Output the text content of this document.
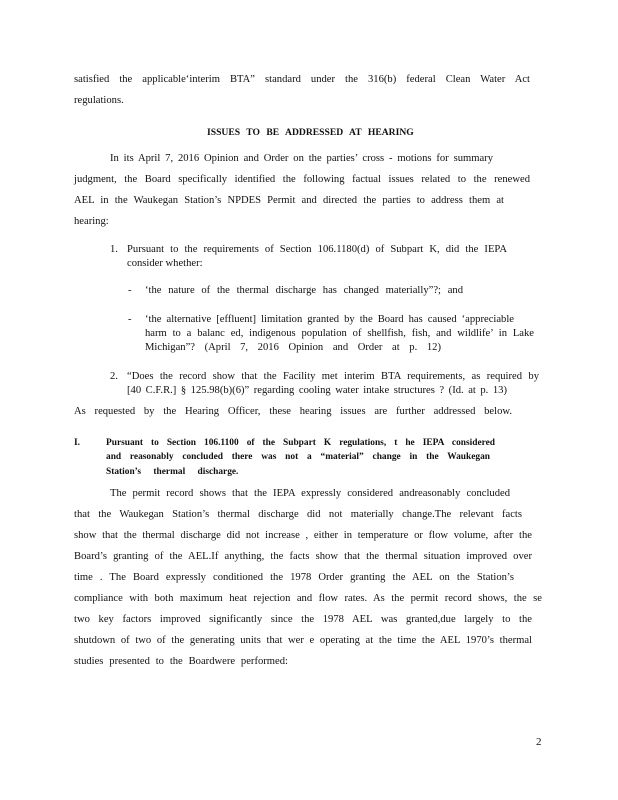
satisfied the applicable‘interim BTA” standard under the 316(b) federal Clean Water Act

regulations.

ISSUES TO BE ADDRESSED AT HEARING

In its April 7, 2016 Opinion and Order on the parties’ cross - motions for summary

judgment, the Board specifically identified the following factual issues related to the renewed

AEL in the Waukegan Station’s NPDES Permit and directed the parties to address them at

hearing:

1. Pursuant to the requirements of Section 106.1180(d) of Subpart K, did the IEPA

consider whether:

- ‘the nature of the thermal discharge has changed materially”?; and

- ‘the alternative [effluent] limitation granted by the Board has caused ‘appreciable

harm to a balanc ed, indigenous population of shellfish, fish, and wildlife’ in Lake

Michigan”? (April 7, 2016 Opinion and Order at p. 12)

2. “Does the record show that the Facility met interim BTA requirements, as required by

[40 C.F.R.] § 125.98(b)(6)” regarding cooling water intake structures ? (Id. at p. 13)

As requested by the Hearing Officer, these hearing issues are further addressed below.

I.	Pursuant to Section 106.1100 of the Subpart K regulations, t he IEPA considered

and reasonably concluded there was not a “material” change in the Waukegan

Station’s thermal discharge.

The permit record shows that the IEPA expressly considered andreasonably concluded

that the Waukegan Station’s thermal discharge did not materially change.The relevant facts

show that the thermal discharge did not increase , either in temperature or flow volume, after the

Board’s granting of the AEL.If anything, the facts show that the thermal situation improved over

time . The Board expressly conditioned the 1978 Order granting the AEL on the Station’s

compliance with both maximum heat rejection and flow rates. As the permit record shows, the se

two key factors improved significantly since the 1978 AEL was granted,due largely to the

shutdown of two of the generating units that wer e operating at the time the AEL 1970’s thermal

studies presented to the Boardwere performed:

2
